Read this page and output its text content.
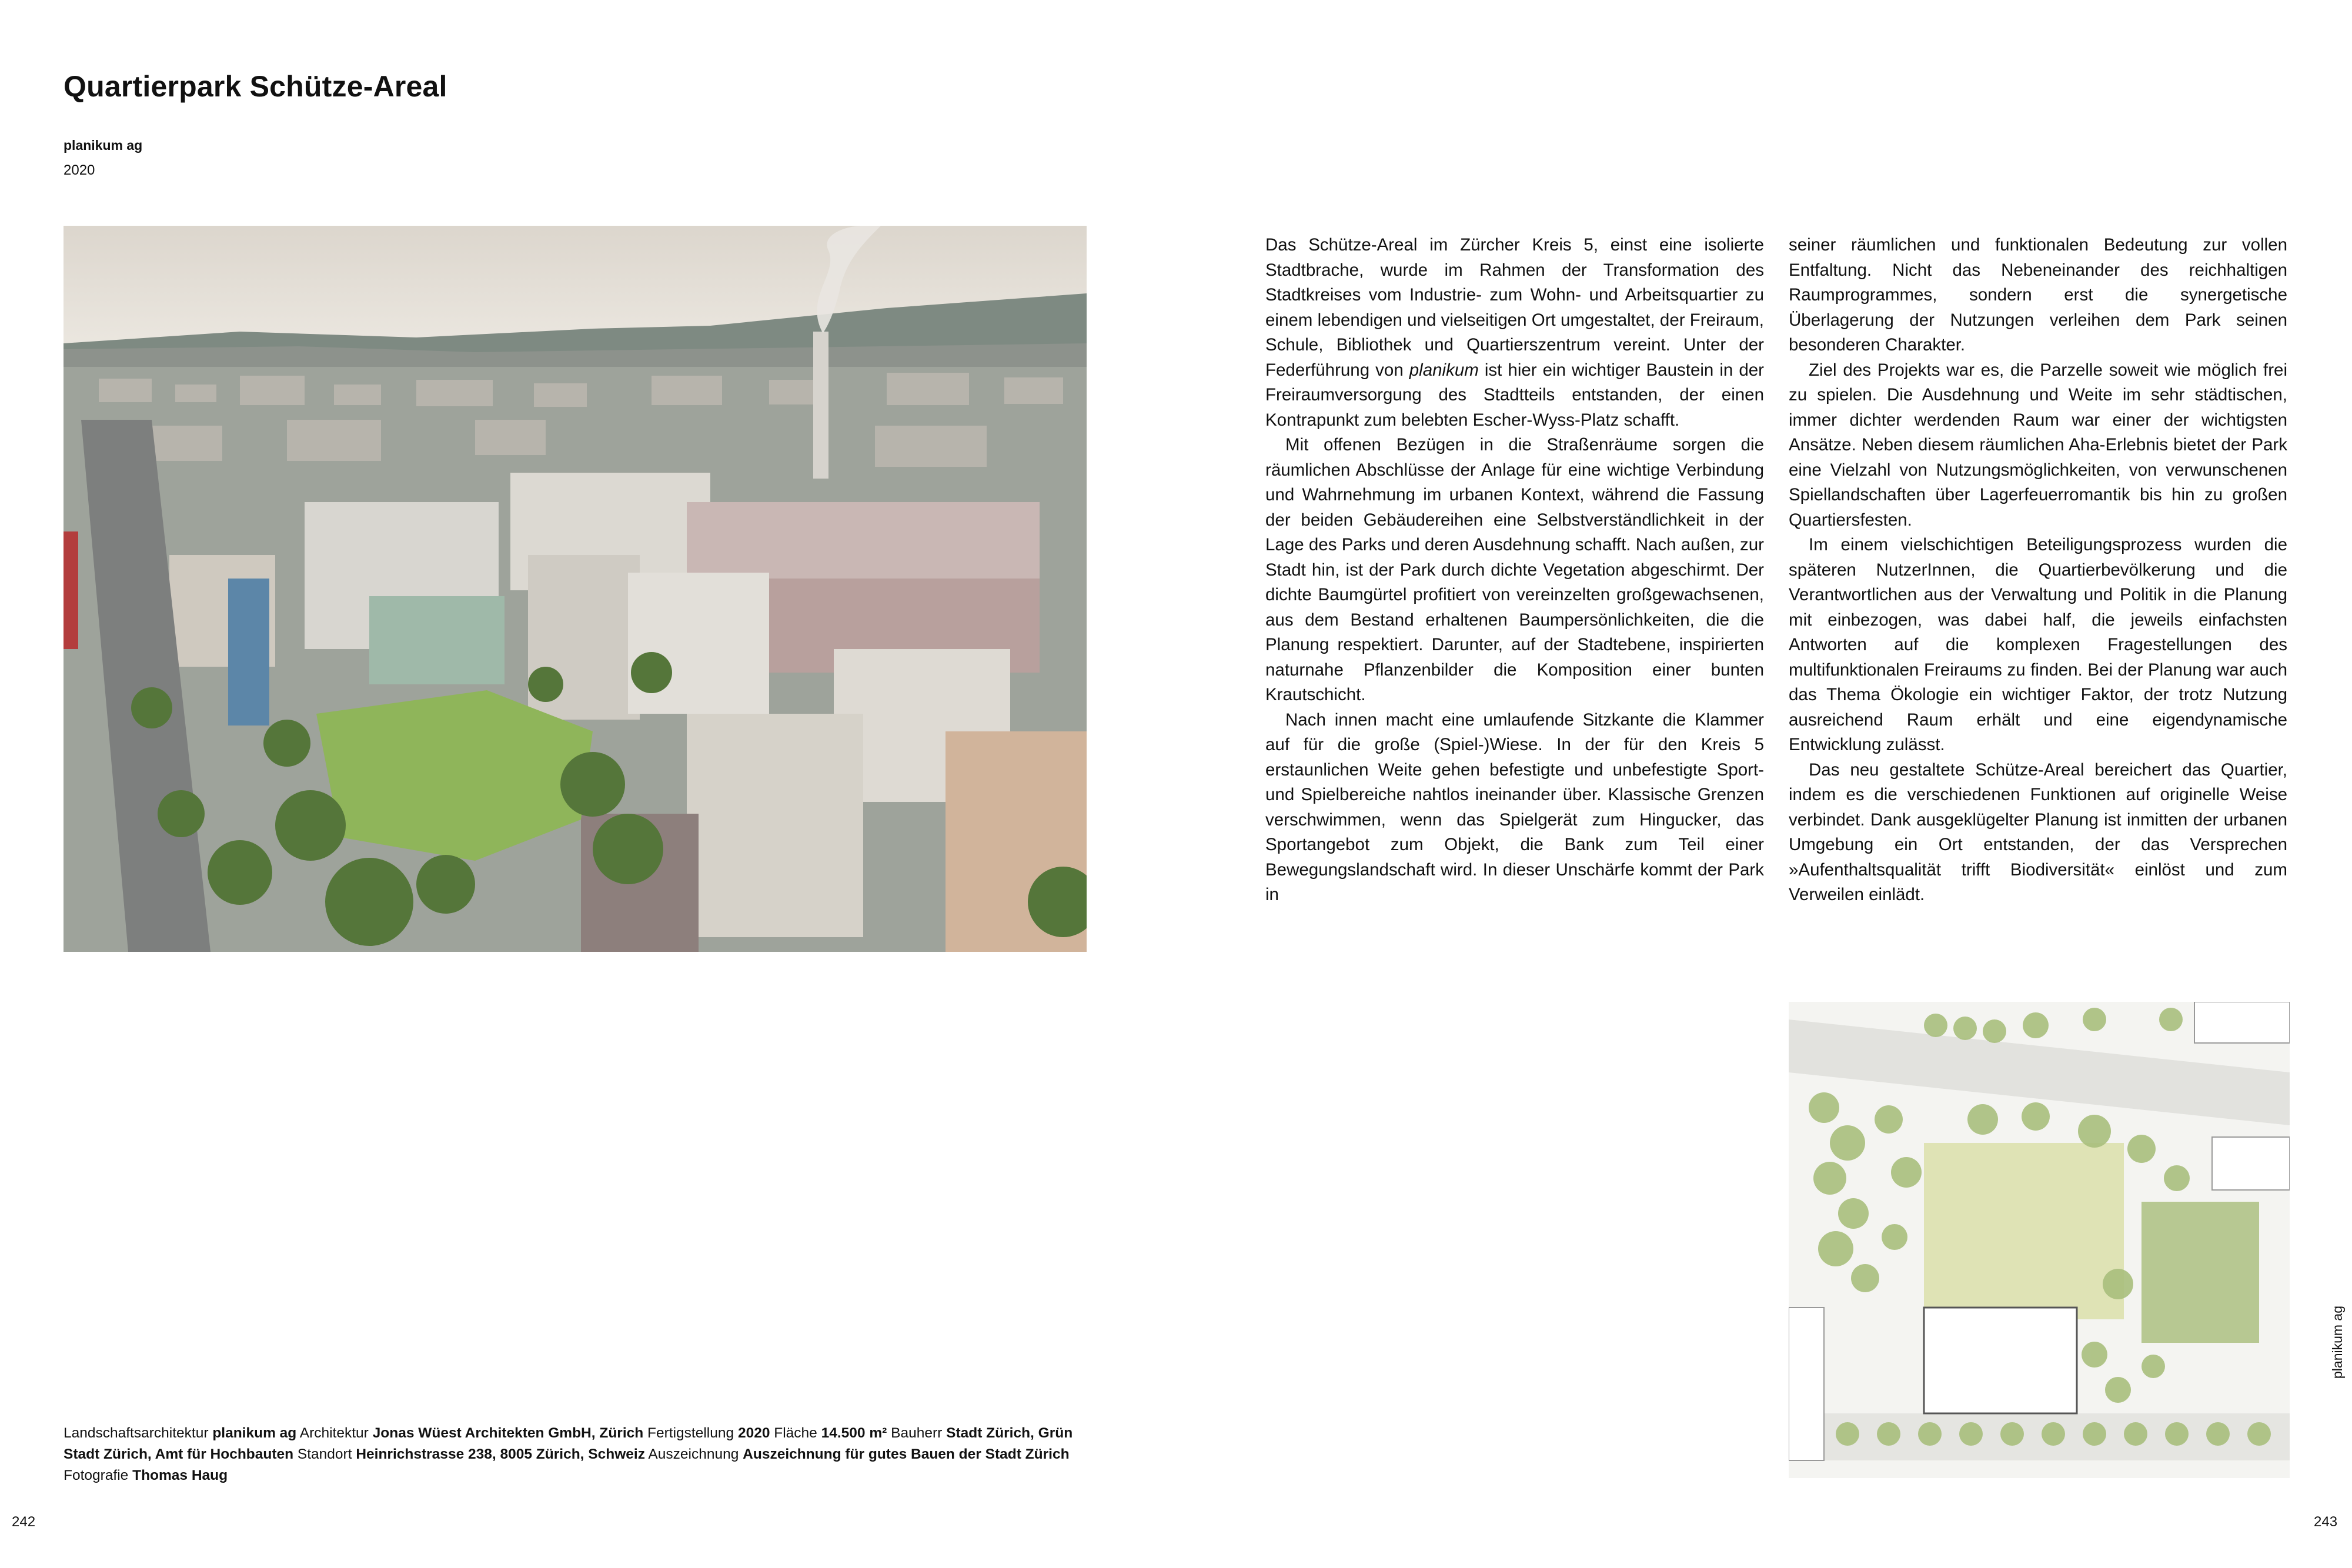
Quartierpark Schütze-Areal
planikum ag
2020

Das Schütze-Areal im Zürcher Kreis 5, einst eine isolierte Stadtbrache, wurde im Rahmen der Transformation des Stadtkreises vom Industrie- zum Wohn- und Arbeitsquartier zu einem lebendigen und vielseitigen Ort umgestaltet, der Freiraum, Schule, Bibliothek und Quartierszentrum vereint. Unter der Federführung von planikum ist hier ein wichtiger Baustein in der Freiraumversorgung des Stadtteils entstanden, der einen Kontrapunkt zum belebten Escher-Wyss-Platz schafft.

Mit offenen Bezügen in die Straßenräume sorgen die räumlichen Abschlüsse der Anlage für eine wichtige Verbindung und Wahrnehmung im urbanen Kontext, während die Fassung der beiden Gebäudereihen eine Selbstverständlichkeit in der Lage des Parks und deren Ausdehnung schafft. Nach außen, zur Stadt hin, ist der Park durch dichte Vegetation abgeschirmt. Der dichte Baumgürtel profitiert von vereinzelten großgewachsenen, aus dem Bestand erhaltenen Baumpersönlichkeiten, die die Planung respektiert. Darunter, auf der Stadtebene, inspirierten naturnahe Pflanzenbilder die Komposition einer bunten Krautschicht.

Nach innen macht eine umlaufende Sitzkante die Klammer auf für die große (Spiel-)Wiese. In der für den Kreis 5 erstaunlichen Weite gehen befestigte und unbefestigte Sport- und Spielbereiche nahtlos ineinander über. Klassische Grenzen verschwimmen, wenn das Spielgerät zum Hingucker, das Sportangebot zum Objekt, die Bank zum Teil einer Bewegungslandschaft wird. In dieser Unschärfe kommt der Park in

seiner räumlichen und funktionalen Bedeutung zur vollen Entfaltung. Nicht das Nebeneinander des reichhaltigen Raumprogrammes, sondern erst die synergetische Überlagerung der Nutzungen verleihen dem Park seinen besonderen Charakter.

Ziel des Projekts war es, die Parzelle soweit wie möglich frei zu spielen. Die Ausdehnung und Weite im sehr städtischen, immer dichter werdenden Raum war einer der wichtigsten Ansätze. Neben diesem räumlichen Aha-Erlebnis bietet der Park eine Vielzahl von Nutzungsmöglichkeiten, von verwunschenen Spiellandschaften über Lagerfeuerromantik bis hin zu großen Quartiersfesten.

Im einem vielschichtigen Beteiligungsprozess wurden die späteren NutzerInnen, die Quartierbevölkerung und die Verantwortlichen aus der Verwaltung und Politik in die Planung mit einbezogen, was dabei half, die jeweils einfachsten Antworten auf die komplexen Fragestellungen des multifunktionalen Freiraums zu finden. Bei der Planung war auch das Thema Ökologie ein wichtiger Faktor, der trotz Nutzung ausreichend Raum erhält und eine eigendynamische Entwicklung zulässt.

Das neu gestaltete Schütze-Areal bereichert das Quartier, indem es die verschiedenen Funktionen auf originelle Weise verbindet. Dank ausgeklügelter Planung ist inmitten der urbanen Umgebung ein Ort entstanden, der das Versprechen »Aufenthaltsqualität trifft Biodiversität« einlöst und zum Verweilen einlädt.

planikum ag
Landschaftsarchitektur planikum ag Architektur Jonas Wüest Architekten GmbH, Zürich Fertigstellung 2020 Fläche 14.500 m² Bauherr Stadt Zürich, Grün Stadt Zürich, Amt für Hochbauten Standort Heinrichstrasse 238, 8005 Zürich, Schweiz Auszeichnung Auszeichnung für gutes Bauen der Stadt Zürich Fotografie Thomas Haug
242	243
